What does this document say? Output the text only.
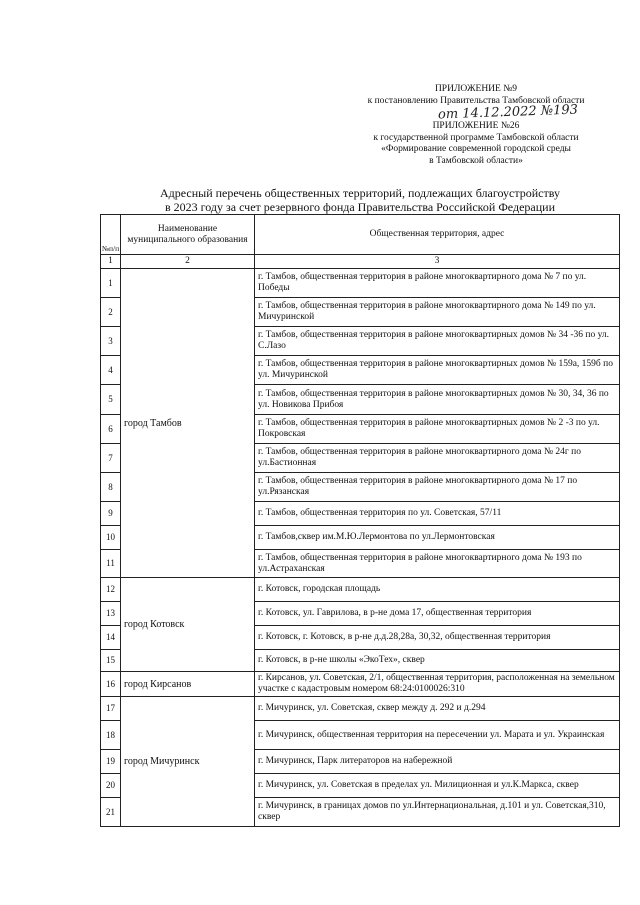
ПРИЛОЖЕНИЕ №9
к постановлению Правительства Тамбовской области
от 14.12.2022 №193
ПРИЛОЖЕНИЕ №26
к государственной программе Тамбовской области
«Формирование современной городской среды
в Тамбовской области»
Адресный перечень общественных территорий, подлежащих благоустройству
в 2023 году за счет резервного фонда Правительства Российской Федерации
№п/п	Наименование муниципального образования	Общественная территория, адрес
1	2	3
1	город Тамбов	г. Тамбов, общественная территория в районе многоквартирного дома № 7 по ул. Победы
2		г. Тамбов, общественная территория в районе многоквартирного дома № 149 по ул. Мичуринской
3		г. Тамбов, общественная территория в районе многоквартирных домов № 34 -36 по ул. С.Лазо
4		г. Тамбов, общественная территория в районе многоквартирных домов № 159а, 159б по ул. Мичуринской
5		г. Тамбов, общественная территория в районе многоквартирных домов № 30, 34, 36 по ул. Новикова Прибоя
6		г. Тамбов, общественная территория в районе многоквартирных домов № 2 -3 по ул. Покровская
7		г. Тамбов, общественная территория в районе многоквартирного дома № 24г по ул.Бастионная
8		г. Тамбов, общественная территория в районе многоквартирного дома № 17 по ул.Рязанская
9		г. Тамбов, общественная территория по ул. Советская, 57/11
10		г. Тамбов,сквер им.М.Ю.Лермонтова по ул.Лермонтовская
11		г. Тамбов, общественная территория в районе многоквартирного дома № 193 по ул.Астраханская
12	город Котовск	г. Котовск, городская площадь
13		г. Котовск, ул. Гаврилова, в р-не дома 17, общественная территория
14		г. Котовск, г. Котовск, в р-не д.д.28,28а, 30,32, общественная территория
15		г. Котовск, в р-не школы «ЭкоТех», сквер
16	город Кирсанов	г. Кирсанов, ул. Советская, 2/1, общественная территория, расположенная на земельном участке с кадастровым номером 68:24:0100026:310
17	город Мичуринск	г. Мичуринск, ул. Советская, сквер между д. 292 и д.294
18		г. Мичуринск, общественная территория на пересечении ул. Марата и ул. Украинская
19		г. Мичуринск, Парк литераторов на набережной
20		г. Мичуринск, ул. Советская в пределах ул. Милиционная и ул.К.Маркса, сквер
21		г. Мичуринск, в границах домов по ул.Интернациональная, д.101 и ул. Советская,310, сквер
